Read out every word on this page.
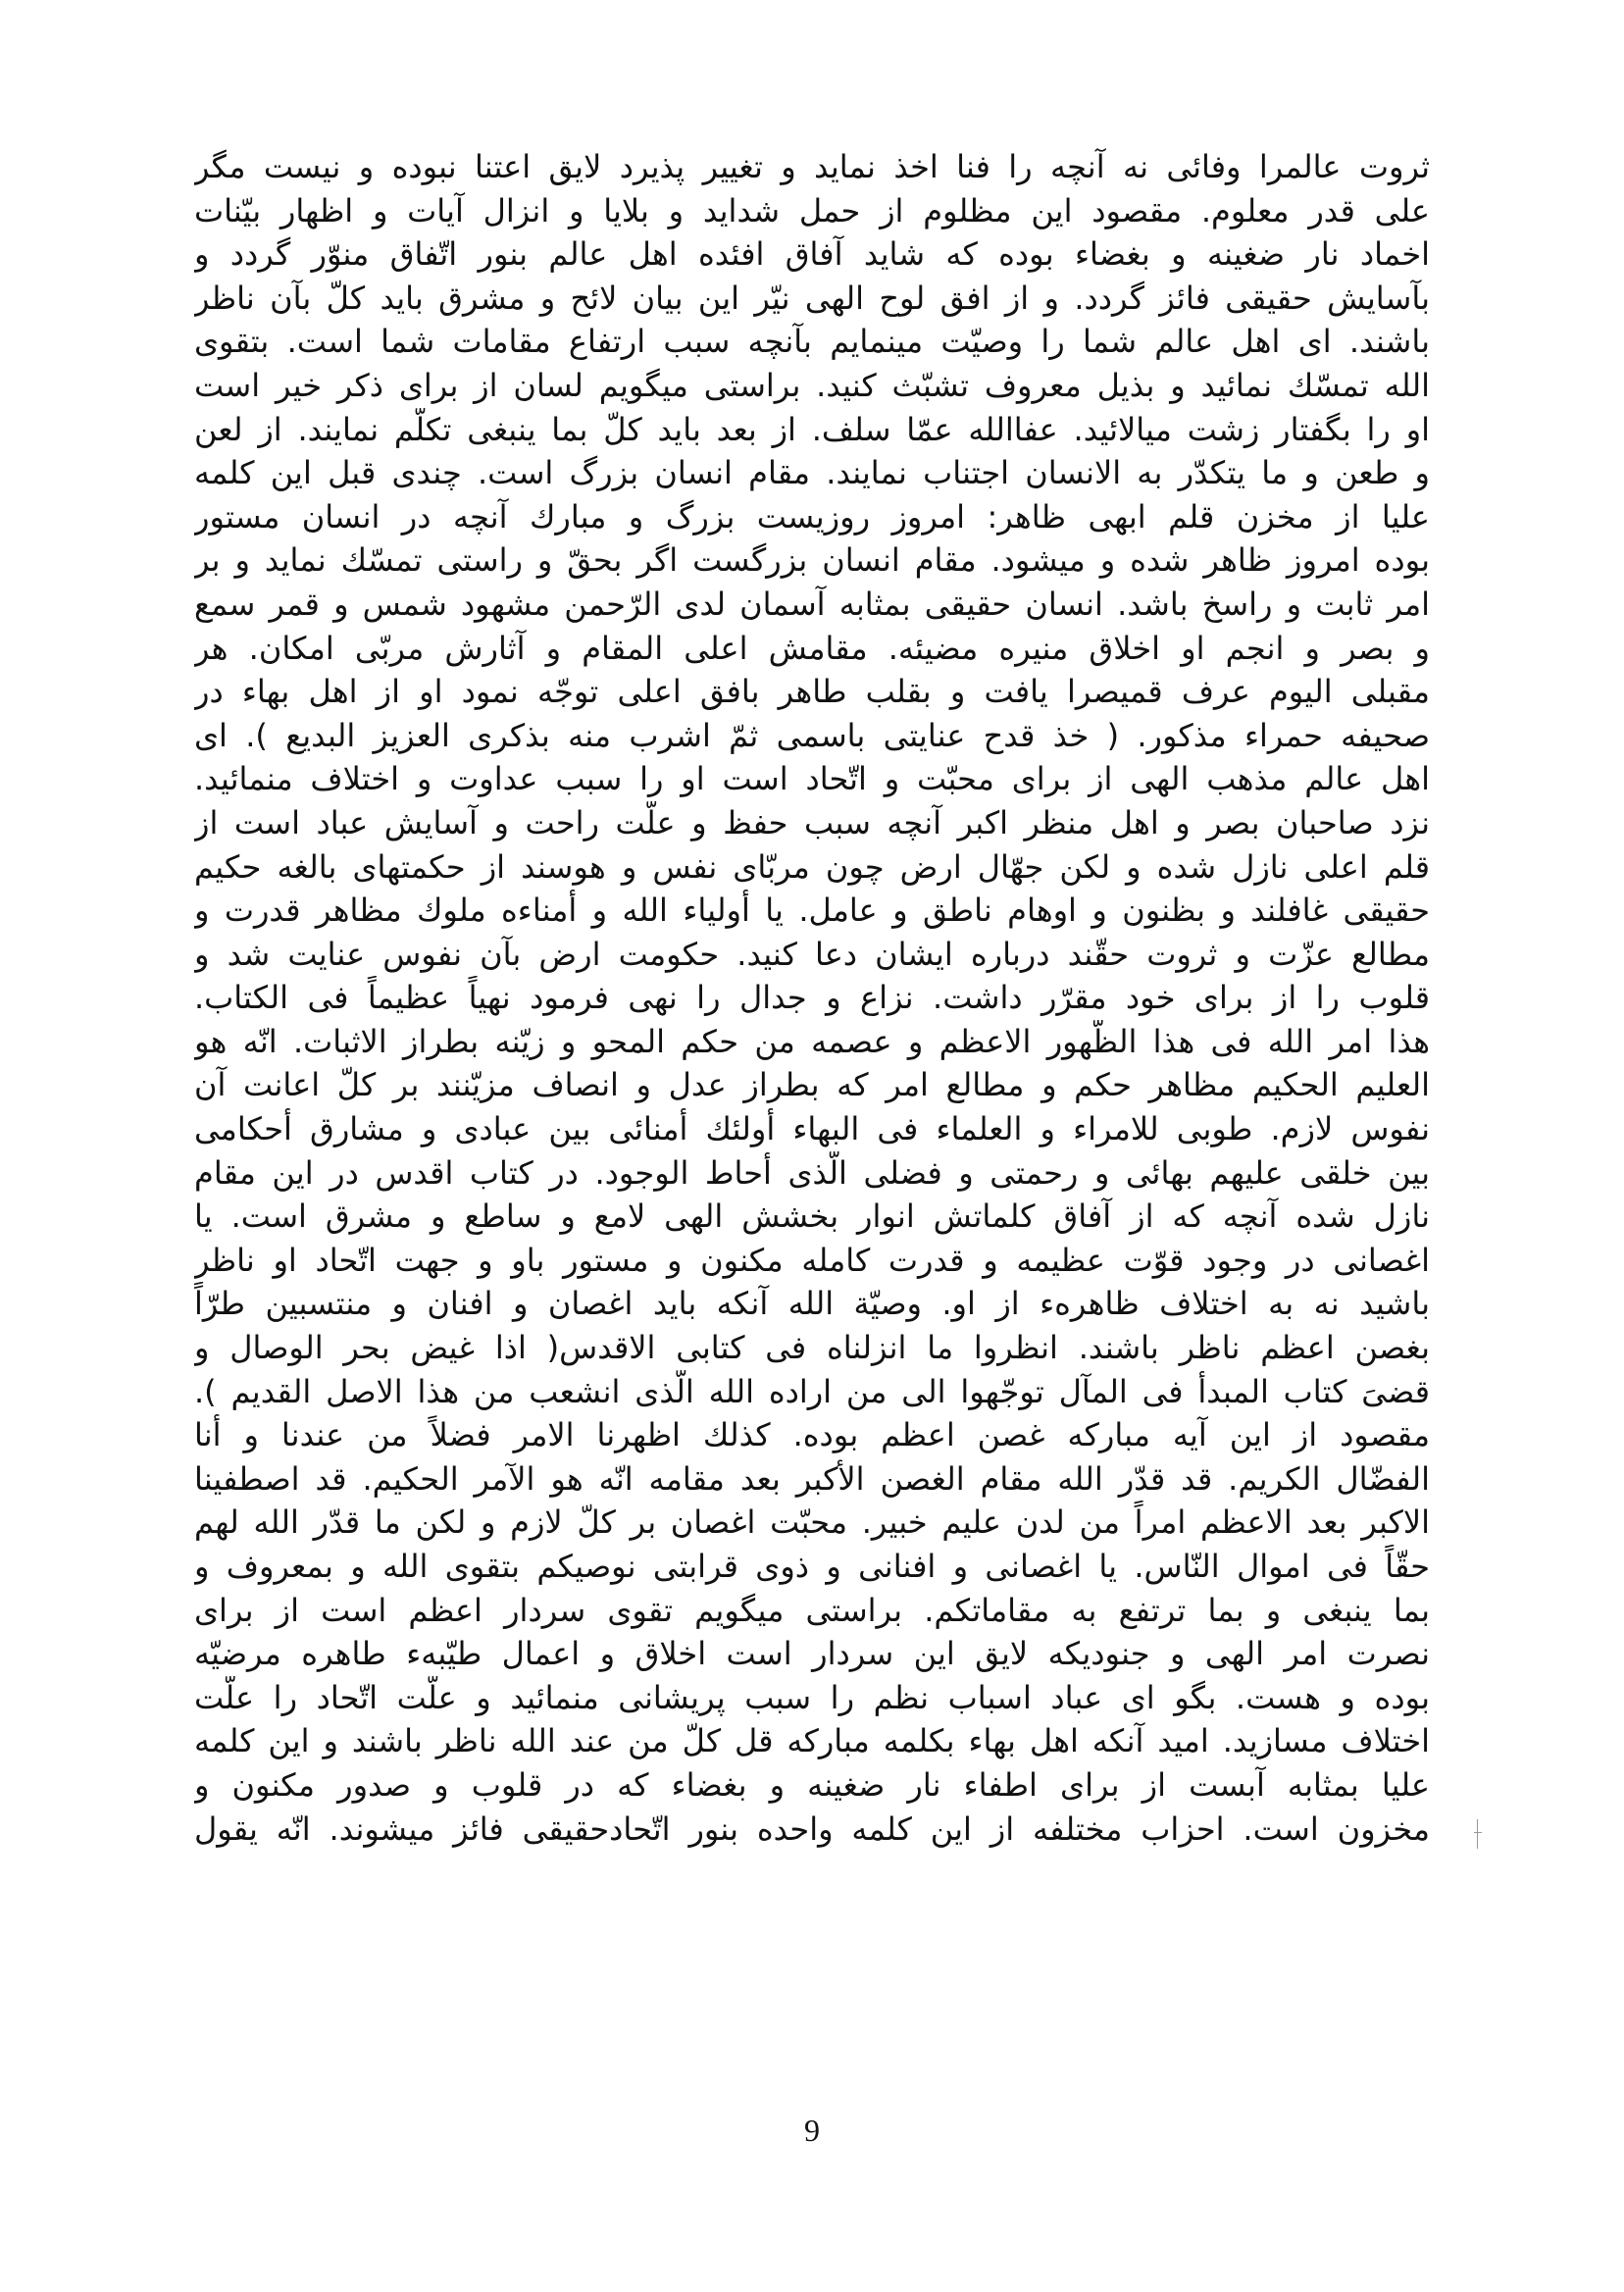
ثروت عالمرا وفائی نه آنچه را فنا اخذ نماید و تغییر پذیرد لایق اعتنا نبوده و نیست مگر
علی قدر معلوم. مقصود این مظلوم از حمل شداید و بلایا و انزال آیات و اظهار بیّنات
اخماد نار ضغینه و بغضاء بوده که شاید آفاق افئده اهل عالم بنور اتّفاق منوّر گردد و
بآسایش حقیقی فائز گردد. و از افق لوح الهی نیّر این بیان لائح و مشرق باید کلّ بآن ناظر
باشند. ای اهل عالم شما را وصیّت مینمایم بآنچه سبب ارتفاع مقامات شما است. بتقوی
الله تمسّك نمائید و بذیل معروف تشبّث کنید. براستی میگویم لسان از برای ذکر خیر است
او را بگفتار زشت میالائید. عفاالله عمّا سلف. از بعد باید کلّ بما ینبغی تکلّم نمایند. از لعن
و طعن و ما یتکدّر به الانسان اجتناب نمایند. مقام انسان بزرگ است. چندی قبل این کلمه
علیا از مخزن قلم ابهی ظاهر: امروز روزیست بزرگ و مبارك آنچه در انسان مستور
بوده امروز ظاهر شده و میشود. مقام انسان بزرگست اگر بحقّ و راستی تمسّك نماید و بر
امر ثابت و راسخ باشد. انسان حقیقی بمثابه آسمان لدی الرّحمن مشهود شمس و قمر سمع
و بصر و انجم او اخلاق منیره مضیئه. مقامش اعلی المقام و آثارش مربّی امکان. هر
مقبلی الیوم عرف قمیصرا یافت و بقلب طاهر بافق اعلی توجّه نمود او از اهل بهاء در
صحیفه حمراء مذکور. ( خذ قدح عنایتی باسمی ثمّ اشرب منه بذکری العزیز البدیع ). ای
اهل عالم مذهب الهی از برای محبّت و اتّحاد است او را سبب عداوت و اختلاف منمائید.
نزد صاحبان بصر و اهل منظر اکبر آنچه سبب حفظ و علّت راحت و آسایش عباد است از
قلم اعلی نازل شده و لکن جهّال ارض چون مربّای نفس و هوسند از حکمتهای بالغه حکیم
حقیقی غافلند و بظنون و اوهام ناطق و عامل. یا أولیاء الله و أمناءه ملوك مظاهر قدرت و
مطالع عزّت و ثروت حقّند درباره ایشان دعا کنید. حکومت ارض بآن نفوس عنایت شد و
قلوب را از برای خود مقرّر داشت. نزاع و جدال را نهی فرمود نهیاً عظیماً فی الکتاب.
هذا امر الله فی هذا الظّهور الاعظم و عصمه من حکم المحو و زیّنه بطراز الاثبات. انّه هو
العلیم الحکیم مظاهر حکم و مطالع امر که بطراز عدل و انصاف مزیّنند بر کلّ اعانت آن
نفوس لازم. طوبی للامراء و العلماء فی البهاء أولئك أمنائی بین عبادی و مشارق أحکامی
بین خلقی علیهم بهائی و رحمتی و فضلی الّذی أحاط الوجود. در کتاب اقدس در این مقام
نازل شده آنچه که از آفاق کلماتش انوار بخشش الهی لامع و ساطع و مشرق است. یا
اغصانی در وجود قوّت عظیمه و قدرت کامله مکنون و مستور باو و جهت اتّحاد او ناظر
باشید نه به اختلاف ظاهرهء از او. وصیّة الله آنکه باید اغصان و افنان و منتسبین طرّاً
بغصن اعظم ناظر باشند. انظروا ما انزلناه فی کتابی الاقدس( اذا غیض بحر الوصال و
قضیَ کتاب المبدأ فی المآل توجّهوا الی من اراده الله الّذی انشعب من هذا الاصل القدیم ).
مقصود از این آیه مبارکه غصن اعظم بوده. کذلك اظهرنا الامر فضلاً من عندنا و أنا
الفضّال الکریم. قد قدّر الله مقام الغصن الأکبر بعد مقامه انّه هو الآمر الحکیم. قد اصطفینا
الاکبر بعد الاعظم امراً من لدن علیم خبیر. محبّت اغصان بر کلّ لازم و لکن ما قدّر الله لهم
حقّاً فی اموال النّاس. یا اغصانی و افنانی و ذوی قرابتی نوصیکم بتقوی الله و بمعروف و
بما ینبغی و بما ترتفع به مقاماتکم. براستی میگویم تقوی سردار اعظم است از برای
نصرت امر الهی و جنودیکه لایق این سردار است اخلاق و اعمال طیّبهء طاهره مرضیّه
بوده و هست. بگو ای عباد اسباب نظم را سبب پریشانی منمائید و علّت اتّحاد را علّت
اختلاف مسازید. امید آنکه اهل بهاء بکلمه مبارکه قل کلّ من عند الله ناظر باشند و این کلمه
علیا بمثابه آبست از برای اطفاء نار ضغینه و بغضاء که در قلوب و صدور مکنون و
مخزون است. احزاب مختلفه از این کلمه واحده بنور اتّحادحقیقی فائز میشوند. انّه یقول
9
